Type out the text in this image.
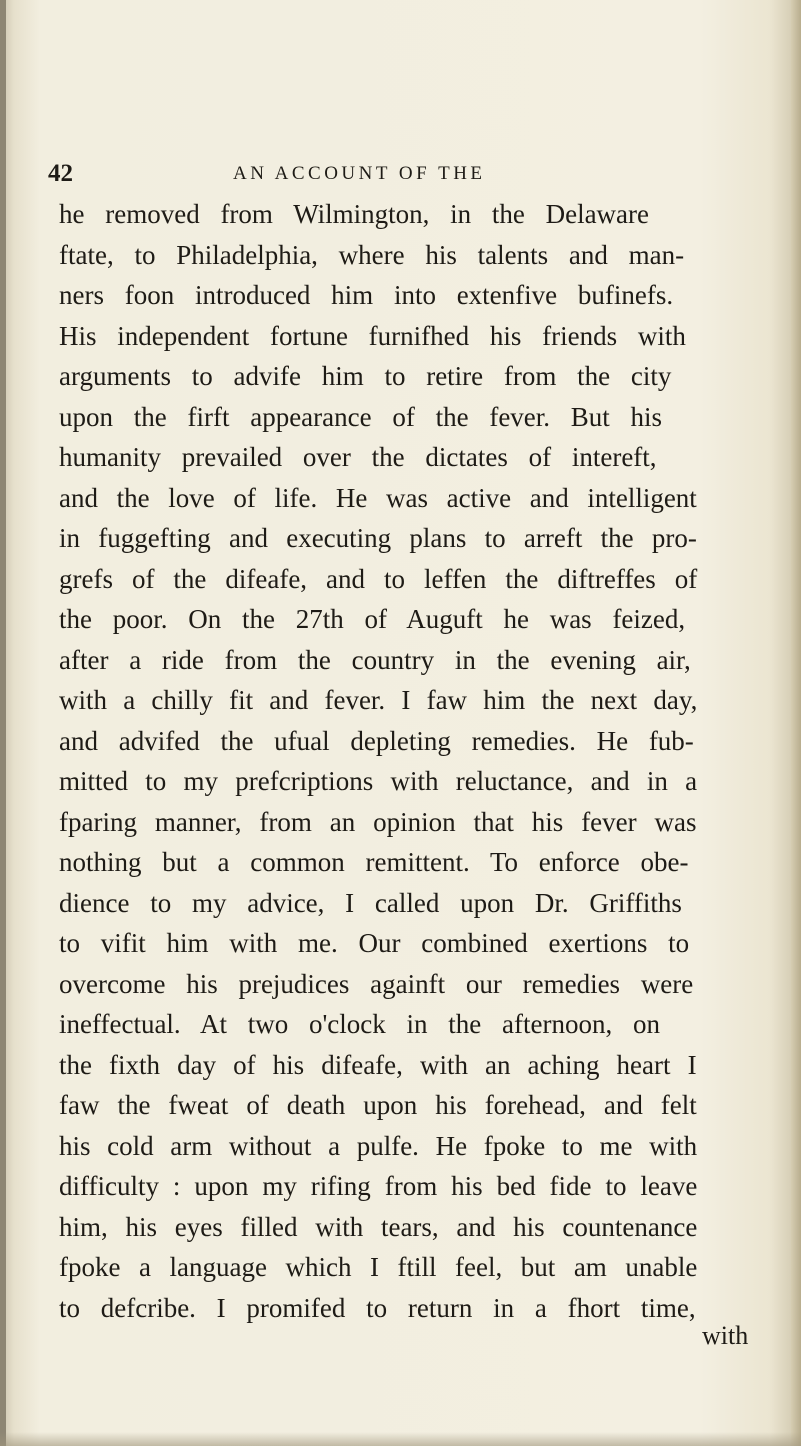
42	AN ACCOUNT OF THE
he removed from Wilmington, in the Delaware
ftate, to Philadelphia, where his talents and man-
ners foon introduced him into extenfive bufinefs.
His independent fortune furnifhed his friends with
arguments to advife him to retire from the city
upon the firft appearance of the fever. But his
humanity prevailed over the dictates of intereft,
and the love of life. He was active and intelligent
in fuggefting and executing plans to arreft the pro-
grefs of the difeafe, and to leffen the diftreffes of
the poor. On the 27th of Auguft he was feized,
after a ride from the country in the evening air,
with a chilly fit and fever. I faw him the next day,
and advifed the ufual depleting remedies. He fub-
mitted to my prefcriptions with reluctance, and in a
fparing manner, from an opinion that his fever was
nothing but a common remittent. To enforce obe-
dience to my advice, I called upon Dr. Griffiths
to vifit him with me. Our combined exertions to
overcome his prejudices againft our remedies were
ineffectual. At two o'clock in the afternoon, on
the fixth day of his difeafe, with an aching heart I
faw the fweat of death upon his forehead, and felt
his cold arm without a pulfe. He fpoke to me with
difficulty : upon my rifing from his bed fide to leave
him, his eyes filled with tears, and his countenance
fpoke a language which I ftill feel, but am unable
to defcribe. I promifed to return in a fhort time,
with
